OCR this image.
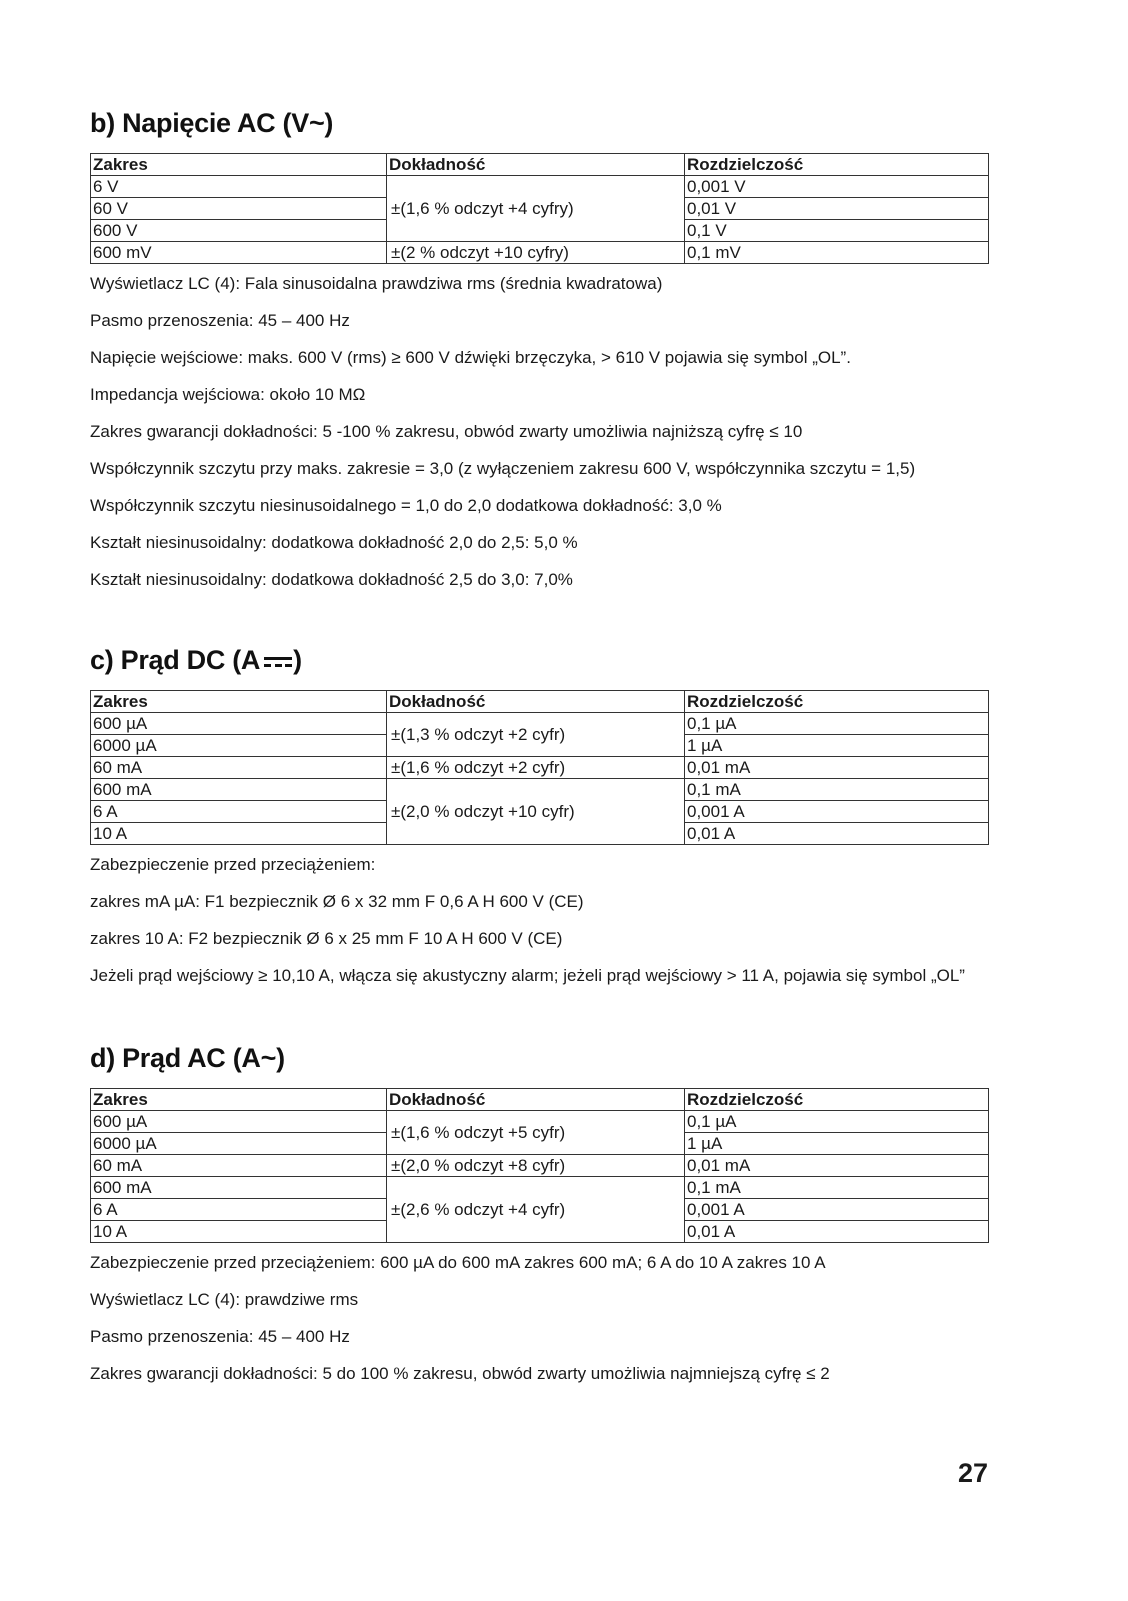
b) Napięcie AC (V~)
Zakres	Dokładność	Rozdzielczość
6 V	±(1,6 % odczyt +4 cyfry)	0,001 V
60 V		0,01 V
600 V		0,1 V
600 mV	±(2 % odczyt +10 cyfry)	0,1 mV

Wyświetlacz LC (4): Fala sinusoidalna prawdziwa rms (średnia kwadratowa)

Pasmo przenoszenia: 45 – 400 Hz

Napięcie wejściowe: maks. 600 V (rms) ≥ 600 V dźwięki brzęczyka, > 610 V pojawia się symbol „OL”.

Impedancja wejściowa: około 10 MΩ

Zakres gwarancji dokładności: 5 -100 % zakresu, obwód zwarty umożliwia najniższą cyfrę ≤ 10

Współczynnik szczytu przy maks. zakresie = 3,0 (z wyłączeniem zakresu 600 V, współczynnika szczytu = 1,5)

Współczynnik szczytu niesinusoidalnego = 1,0 do 2,0 dodatkowa dokładność: 3,0 %

Kształt niesinusoidalny: dodatkowa dokładność 2,0 do 2,5: 5,0 %

Kształt niesinusoidalny: dodatkowa dokładność 2,5 do 3,0: 7,0%

c) Prąd DC (A )
Zakres	Dokładność	Rozdzielczość
600 µA	±(1,3 % odczyt +2 cyfr)	0,1 µA
6000 µA		1 µA
60 mA	±(1,6 % odczyt +2 cyfr)	0,01 mA
600 mA	±(2,0 % odczyt +10 cyfr)	0,1 mA
6 A		0,001 A
10 A		0,01 A

Zabezpieczenie przed przeciążeniem:

zakres mA µA: F1 bezpiecznik Ø 6 x 32 mm F 0,6 A H 600 V (CE)

zakres 10 A: F2 bezpiecznik Ø 6 x 25 mm F 10 A H 600 V (CE)

Jeżeli prąd wejściowy ≥ 10,10 A, włącza się akustyczny alarm; jeżeli prąd wejściowy > 11 A, pojawia się symbol „OL”

d) Prąd AC (A~)
Zakres	Dokładność	Rozdzielczość
600 µA	±(1,6 % odczyt +5 cyfr)	0,1 µA
6000 µA		1 µA
60 mA	±(2,0 % odczyt +8 cyfr)	0,01 mA
600 mA	±(2,6 % odczyt +4 cyfr)	0,1 mA
6 A		0,001 A
10 A		0,01 A

Zabezpieczenie przed przeciążeniem: 600 µA do 600 mA zakres 600 mA; 6 A do 10 A zakres 10 A

Wyświetlacz LC (4): prawdziwe rms

Pasmo przenoszenia: 45 – 400 Hz

Zakres gwarancji dokładności: 5 do 100 % zakresu, obwód zwarty umożliwia najmniejszą cyfrę ≤ 2

27
